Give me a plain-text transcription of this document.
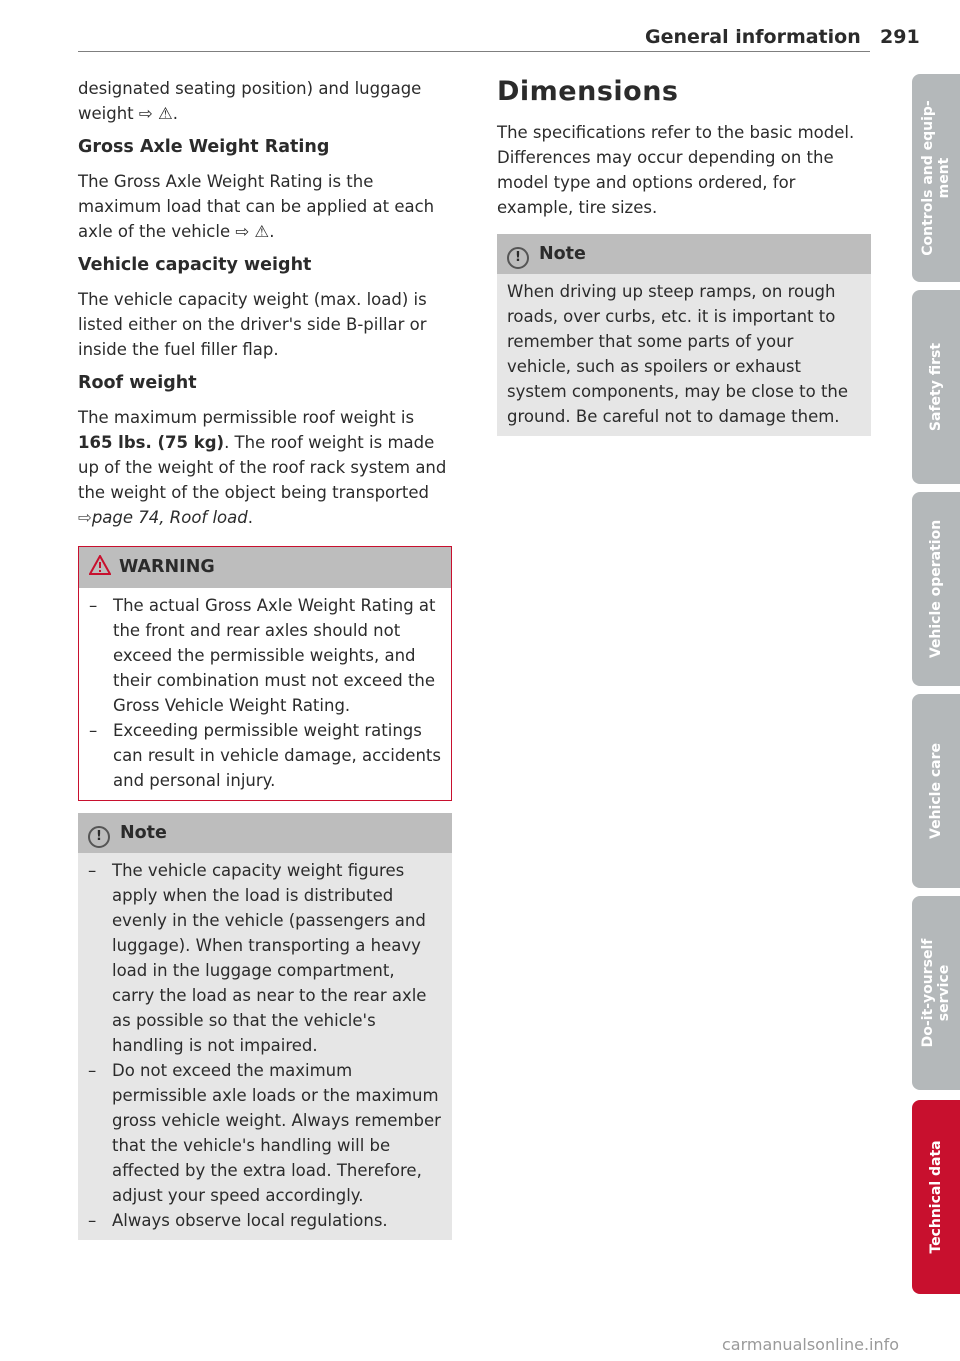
General information 291

designated seating position) and luggage weight ⇨ ⚠.

Gross Axle Weight Rating

The Gross Axle Weight Rating is the maximum load that can be applied at each axle of the vehicle ⇨ ⚠.

Vehicle capacity weight

The vehicle capacity weight (max. load) is listed either on the driver's side B-pillar or inside the fuel filler flap.

Roof weight

The maximum permissible roof weight is 165 lbs. (75 kg). The roof weight is made up of the weight of the roof rack system and the weight of the object being transported ⇨page 74, Roof load.

WARNING
– The actual Gross Axle Weight Rating at the front and rear axles should not exceed the permissible weights, and their combination must not exceed the Gross Vehicle Weight Rating.
– Exceeding permissible weight ratings can result in vehicle damage, accidents and personal injury.
! Note
– The vehicle capacity weight figures apply when the load is distributed evenly in the vehicle (passengers and luggage). When transporting a heavy load in the luggage compartment, carry the load as near to the rear axle as possible so that the vehicle's handling is not impaired.
– Do not exceed the maximum permissible axle loads or the maximum gross vehicle weight. Always remember that the vehicle's handling will be affected by the extra load. Therefore, adjust your speed accordingly.
– Always observe local regulations.
Dimensions

The specifications refer to the basic model. Differences may occur depending on the model type and options ordered, for example, tire sizes.

! Note
When driving up steep ramps, on rough roads, over curbs, etc. it is important to remember that some parts of your vehicle, such as spoilers or exhaust system components, may be close to the ground. Be careful not to damage them.
Controls and equip-
ment
Safety first
Vehicle operation
Vehicle care
Do-it-yourself
service
Technical data
carmanualsonline.info
